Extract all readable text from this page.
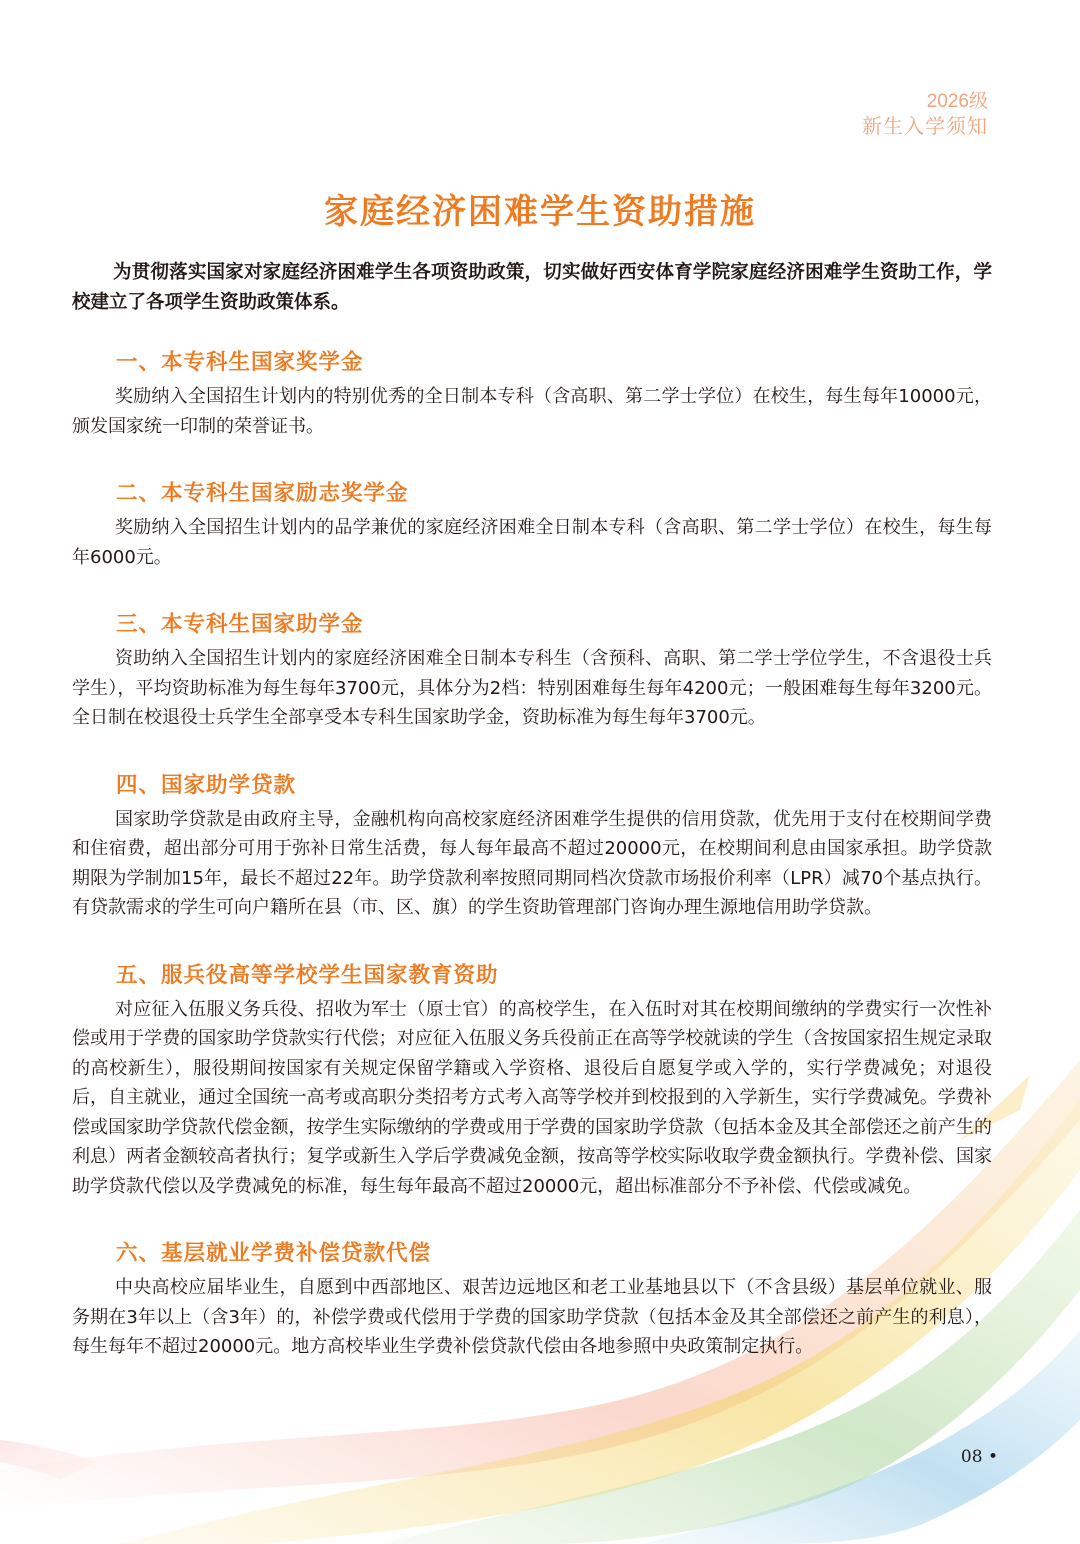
2026级
新生入学须知
家庭经济困难学生资助措施

为贯彻落实国家对家庭经济困难学生各项资助政策，切实做好西安体育学院家庭经济困难学生资助工作，学校建立了各项学生资助政策体系。

一、本专科生国家奖学金

奖励纳入全国招生计划内的特别优秀的全日制本专科（含高职、第二学士学位）在校生，每生每年10000元，颁发国家统一印制的荣誉证书。

二、本专科生国家励志奖学金

奖励纳入全国招生计划内的品学兼优的家庭经济困难全日制本专科（含高职、第二学士学位）在校生，每生每年6000元。

三、本专科生国家助学金

资助纳入全国招生计划内的家庭经济困难全日制本专科生（含预科、高职、第二学士学位学生，不含退役士兵学生），平均资助标准为每生每年3700元，具体分为2档：特别困难每生每年4200元；一般困难每生每年3200元。全日制在校退役士兵学生全部享受本专科生国家助学金，资助标准为每生每年3700元。

四、国家助学贷款

国家助学贷款是由政府主导，金融机构向高校家庭经济困难学生提供的信用贷款，优先用于支付在校期间学费和住宿费，超出部分可用于弥补日常生活费，每人每年最高不超过20000元，在校期间利息由国家承担。助学贷款期限为学制加15年，最长不超过22年。助学贷款利率按照同期同档次贷款市场报价利率（LPR）减70个基点执行。有贷款需求的学生可向户籍所在县（市、区、旗）的学生资助管理部门咨询办理生源地信用助学贷款。

五、服兵役高等学校学生国家教育资助

对应征入伍服义务兵役、招收为军士（原士官）的高校学生，在入伍时对其在校期间缴纳的学费实行一次性补偿或用于学费的国家助学贷款实行代偿；对应征入伍服义务兵役前正在高等学校就读的学生（含按国家招生规定录取的高校新生），服役期间按国家有关规定保留学籍或入学资格、退役后自愿复学或入学的，实行学费减免；对退役后，自主就业，通过全国统一高考或高职分类招考方式考入高等学校并到校报到的入学新生，实行学费减免。学费补偿或国家助学贷款代偿金额，按学生实际缴纳的学费或用于学费的国家助学贷款（包括本金及其全部偿还之前产生的利息）两者金额较高者执行；复学或新生入学后学费减免金额，按高等学校实际收取学费金额执行。学费补偿、国家助学贷款代偿以及学费减免的标准，每生每年最高不超过20000元，超出标准部分不予补偿、代偿或减免。

六、基层就业学费补偿贷款代偿

中央高校应届毕业生，自愿到中西部地区、艰苦边远地区和老工业基地县以下（不含县级）基层单位就业、服务期在3年以上（含3年）的，补偿学费或代偿用于学费的国家助学贷款（包括本金及其全部偿还之前产生的利息），每生每年不超过20000元。地方高校毕业生学费补偿贷款代偿由各地参照中央政策制定执行。

08 •
